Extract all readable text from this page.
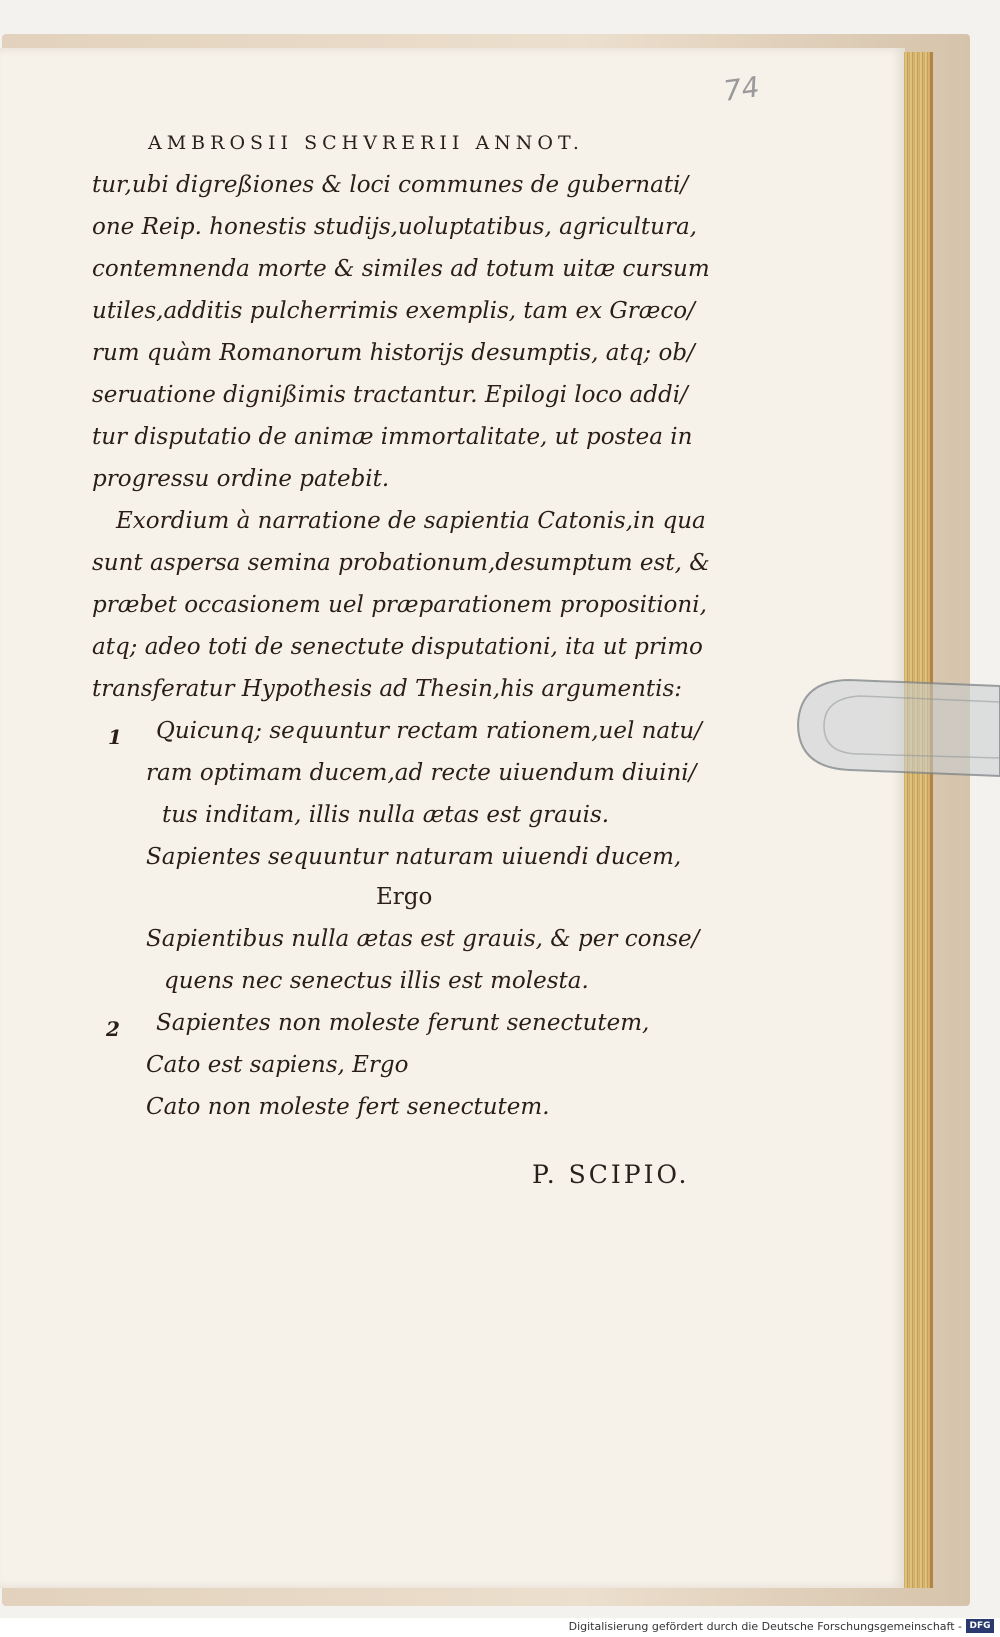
74
AMBROSII SCHVRERII ANNOT.
tur,ubi digreßiones & loci communes de gubernati/
one Reip. honestis studijs,uoluptatibus, agricultura,
contemnenda morte & similes ad totum uitæ cursum
utiles,additis pulcherrimis exemplis, tam ex Græco/
rum quàm Romanorum historijs desumptis, atq; ob/
seruatione dignißimis tractantur. Epilogi loco addi/
tur disputatio de animæ immortalitate, ut postea in
progressu ordine patebit.
Exordium à narratione de sapientia Catonis,in qua
sunt aspersa semina probationum,desumptum est, &
præbet occasionem uel præparationem propositioni,
atq; adeo toti de senectute disputationi, ita ut primo
transferatur Hypothesis ad Thesin,his argumentis:
1 Quicunq; sequuntur rectam rationem,uel natu/
ram optimam ducem,ad recte uiuendum diuini/
tus inditam, illis nulla ætas est grauis.
Sapientes sequuntur naturam uiuendi ducem,
Ergo
Sapientibus nulla ætas est grauis, & per conse/
quens nec senectus illis est molesta.
2 Sapientes non moleste ferunt senectutem,
Cato est sapiens, Ergo
Cato non moleste fert senectutem.
P. SCIPIO.
Digitalisierung gefördert durch die Deutsche Forschungsgemeinschaft - DFG
